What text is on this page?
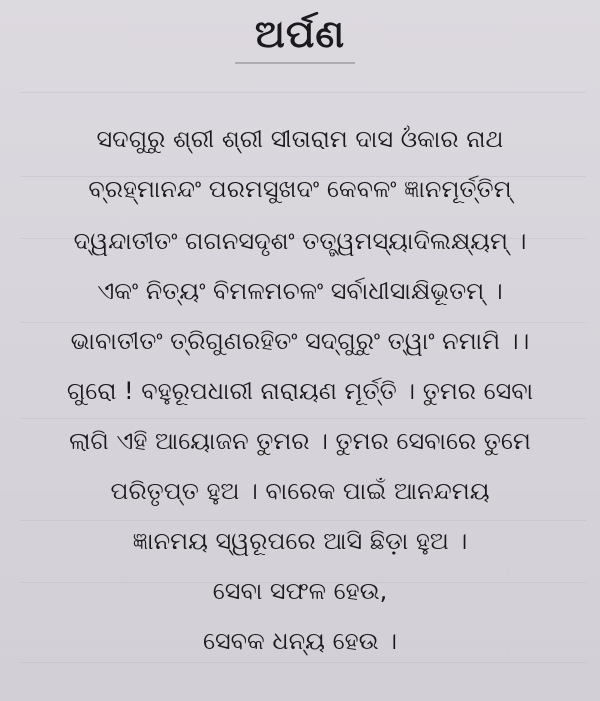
ଅର୍ପଣ
ସଦଗୁରୁ ଶ୍ରୀ ଶ୍ରୀ ସୀତାରାମ ଦାସ ଓଁକାର ନାଥ
ବ୍ରହ୍ମାନନ୍ଦଂ ପରମସୁଖଦଂ କେବଳଂ ଜ୍ଞାନମୂର୍ତ୍ତିମ୍
ଦ୍ୱନ୍ଦାତୀତଂ ଗଗନସଦୃଶଂ ତତ୍ତ୍ୱମସ୍ୟାଦିଲକ୍ଷ୍ୟମ୍ ।
ଏକଂ ନିତ୍ୟଂ ବିମଳମଚଳଂ ସର୍ବାଧୀସାକ୍ଷିଭୂତମ୍ ।
ଭାବାତୀତଂ ତ୍ରିଗୁଣରହିତଂ ସଦ୍‌ଗୁରୁଂ ତ୍ୱାଂ ନମାମି ।।
ଗୁରୋ ! ବହୁରୂପଧାରୀ ନାରାୟଣ ମୂର୍ତ୍ତି । ତୁମର ସେବା
ଲାଗି ଏହି ଆୟୋଜନ ତୁମର । ତୁମର ସେବାରେ ତୁମେ
ପରିତୃପ୍ତ ହୁଅ । ବାରେକ ପାଇଁ ଆନନ୍ଦମୟ
ଜ୍ଞାନମୟ ସ୍ୱରୂପରେ ଆସି ଛିଡ଼ା ହୁଅ ।
ସେବା ସଫଳ ହେଉ,
ସେବକ ଧନ୍ୟ ହେଉ ।
